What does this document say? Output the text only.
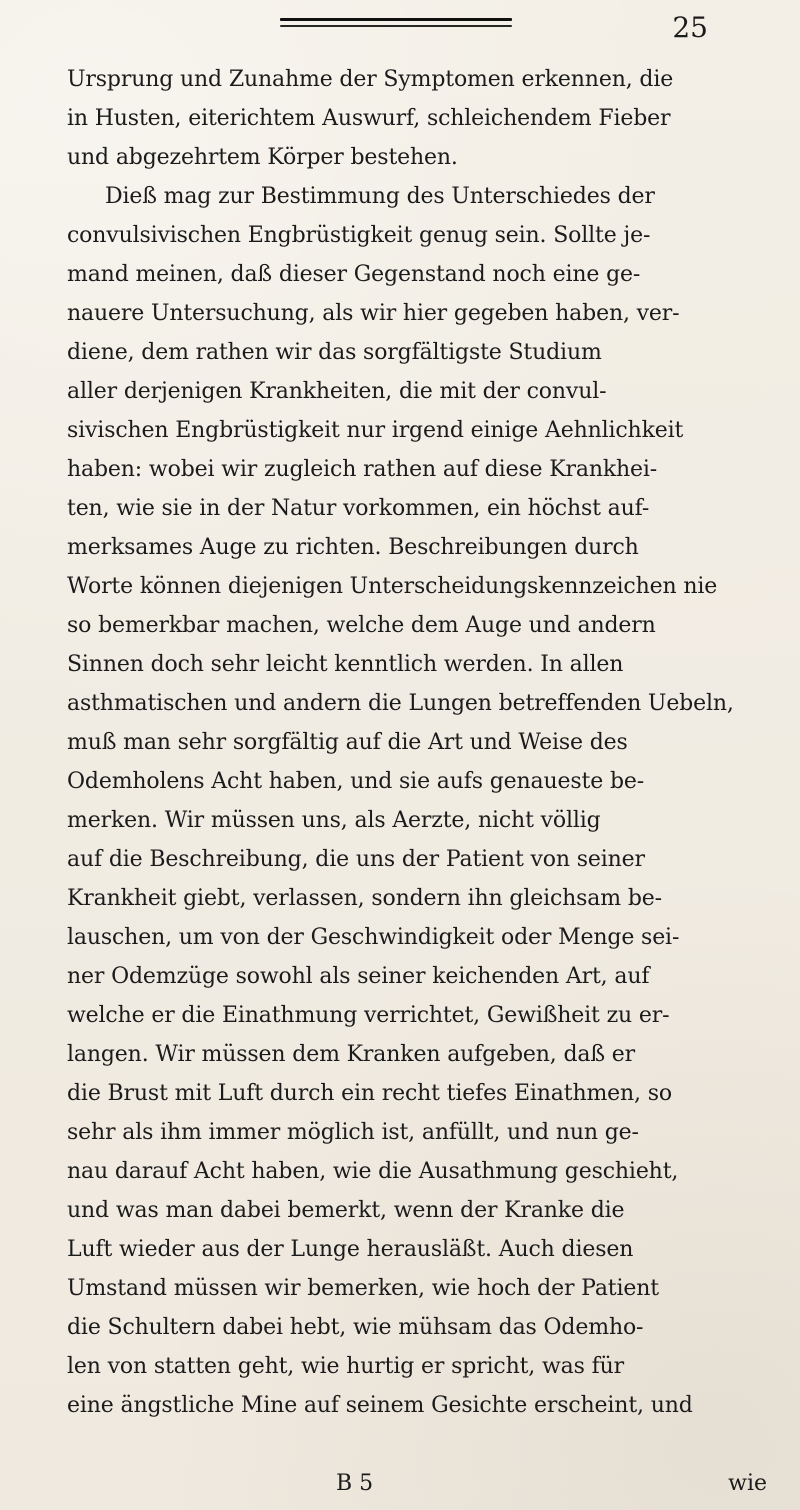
25
Ursprung und Zunahme der Symptomen erkennen, die
in Husten, eiterichtem Auswurf, schleichendem Fieber
und abgezehrtem Körper bestehen.
Dieß mag zur Bestimmung des Unterschiedes der
convulsivischen Engbrüstigkeit genug sein. Sollte je-
mand meinen, daß dieser Gegenstand noch eine ge-
nauere Untersuchung, als wir hier gegeben haben, ver-
diene, dem rathen wir das sorgfältigste Studium
aller derjenigen Krankheiten, die mit der convul-
sivischen Engbrüstigkeit nur irgend einige Aehnlichkeit
haben: wobei wir zugleich rathen auf diese Krankhei-
ten, wie sie in der Natur vorkommen, ein höchst auf-
merksames Auge zu richten. Beschreibungen durch
Worte können diejenigen Unterscheidungskennzeichen nie
so bemerkbar machen, welche dem Auge und andern
Sinnen doch sehr leicht kenntlich werden. In allen
asthmatischen und andern die Lungen betreffenden Uebeln,
muß man sehr sorgfältig auf die Art und Weise des
Odemholens Acht haben, und sie aufs genaueste be-
merken. Wir müssen uns, als Aerzte, nicht völlig
auf die Beschreibung, die uns der Patient von seiner
Krankheit giebt, verlassen, sondern ihn gleichsam be-
lauschen, um von der Geschwindigkeit oder Menge sei-
ner Odemzüge sowohl als seiner keichenden Art, auf
welche er die Einathmung verrichtet, Gewißheit zu er-
langen. Wir müssen dem Kranken aufgeben, daß er
die Brust mit Luft durch ein recht tiefes Einathmen, so
sehr als ihm immer möglich ist, anfüllt, und nun ge-
nau darauf Acht haben, wie die Ausathmung geschieht,
und was man dabei bemerkt, wenn der Kranke die
Luft wieder aus der Lunge herausläßt. Auch diesen
Umstand müssen wir bemerken, wie hoch der Patient
die Schultern dabei hebt, wie mühsam das Odemho-
len von statten geht, wie hurtig er spricht, was für
eine ängstliche Mine auf seinem Gesichte erscheint, und
B 5	wie
